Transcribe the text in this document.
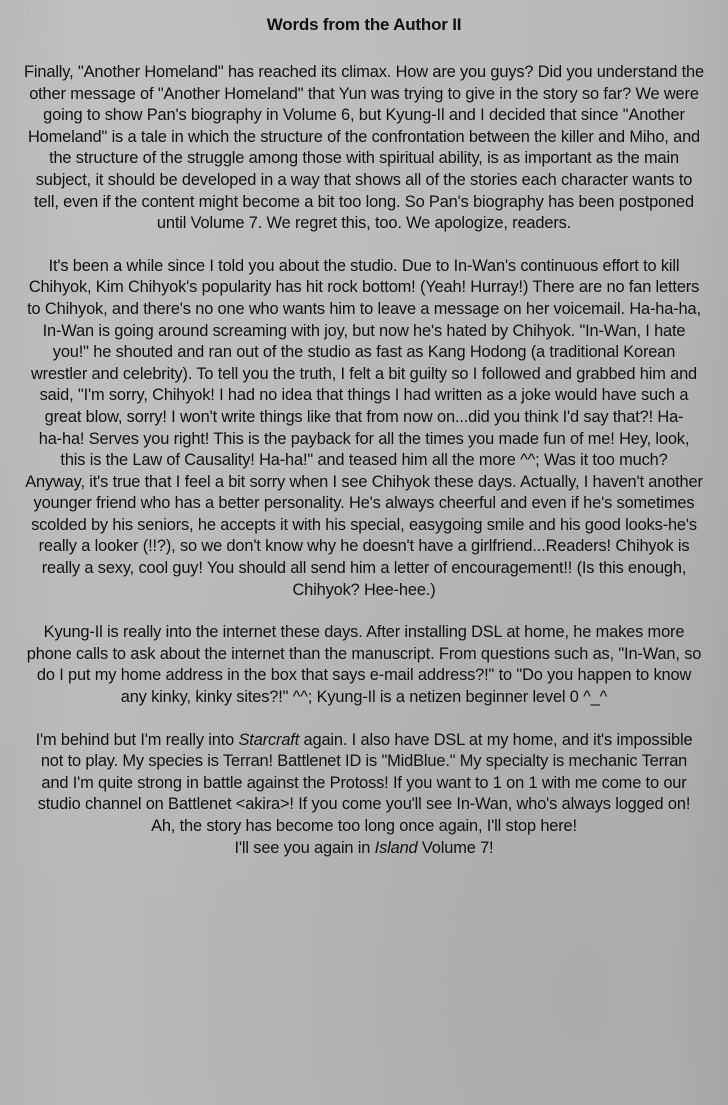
Words from the Author II
Finally, "Another Homeland" has reached its climax. How are you guys? Did you understand the
other message of "Another Homeland" that Yun was trying to give in the story so far? We were
going to show Pan's biography in Volume 6, but Kyung-Il and I decided that since "Another
Homeland" is a tale in which the structure of the confrontation between the killer and Miho, and
the structure of the struggle among those with spiritual ability, is as important as the main
subject, it should be developed in a way that shows all of the stories each character wants to
tell, even if the content might become a bit too long. So Pan's biography has been postponed
until Volume 7. We regret this, too. We apologize, readers.
It's been a while since I told you about the studio. Due to In-Wan's continuous effort to kill
Chihyok, Kim Chihyok's popularity has hit rock bottom! (Yeah! Hurray!) There are no fan letters
to Chihyok, and there's no one who wants him to leave a message on her voicemail. Ha-ha-ha,
In-Wan is going around screaming with joy, but now he's hated by Chihyok. "In-Wan, I hate
you!" he shouted and ran out of the studio as fast as Kang Hodong (a traditional Korean
wrestler and celebrity). To tell you the truth, I felt a bit guilty so I followed and grabbed him and
said, "I'm sorry, Chihyok! I had no idea that things I had written as a joke would have such a
great blow, sorry! I won't write things like that from now on...did you think I'd say that?! Ha-
ha-ha! Serves you right! This is the payback for all the times you made fun of me! Hey, look,
this is the Law of Causality! Ha-ha!" and teased him all the more ^^; Was it too much?
Anyway, it's true that I feel a bit sorry when I see Chihyok these days. Actually, I haven't another
younger friend who has a better personality. He's always cheerful and even if he's sometimes
scolded by his seniors, he accepts it with his special, easygoing smile and his good looks-he's
really a looker (!!?), so we don't know why he doesn't have a girlfriend...Readers! Chihyok is
really a sexy, cool guy! You should all send him a letter of encouragement!! (Is this enough,
Chihyok? Hee-hee.)
Kyung-Il is really into the internet these days. After installing DSL at home, he makes more
phone calls to ask about the internet than the manuscript. From questions such as, "In-Wan, so
do I put my home address in the box that says e-mail address?!" to "Do you happen to know
any kinky, kinky sites?!" ^^; Kyung-Il is a netizen beginner level 0 ^_^
I'm behind but I'm really into Starcraft again. I also have DSL at my home, and it's impossible
not to play. My species is Terran! Battlenet ID is "MidBlue." My specialty is mechanic Terran
and I'm quite strong in battle against the Protoss! If you want to 1 on 1 with me come to our
studio channel on Battlenet <akira>! If you come you'll see In-Wan, who's always logged on!
Ah, the story has become too long once again, I'll stop here!
I'll see you again in Island Volume 7!
